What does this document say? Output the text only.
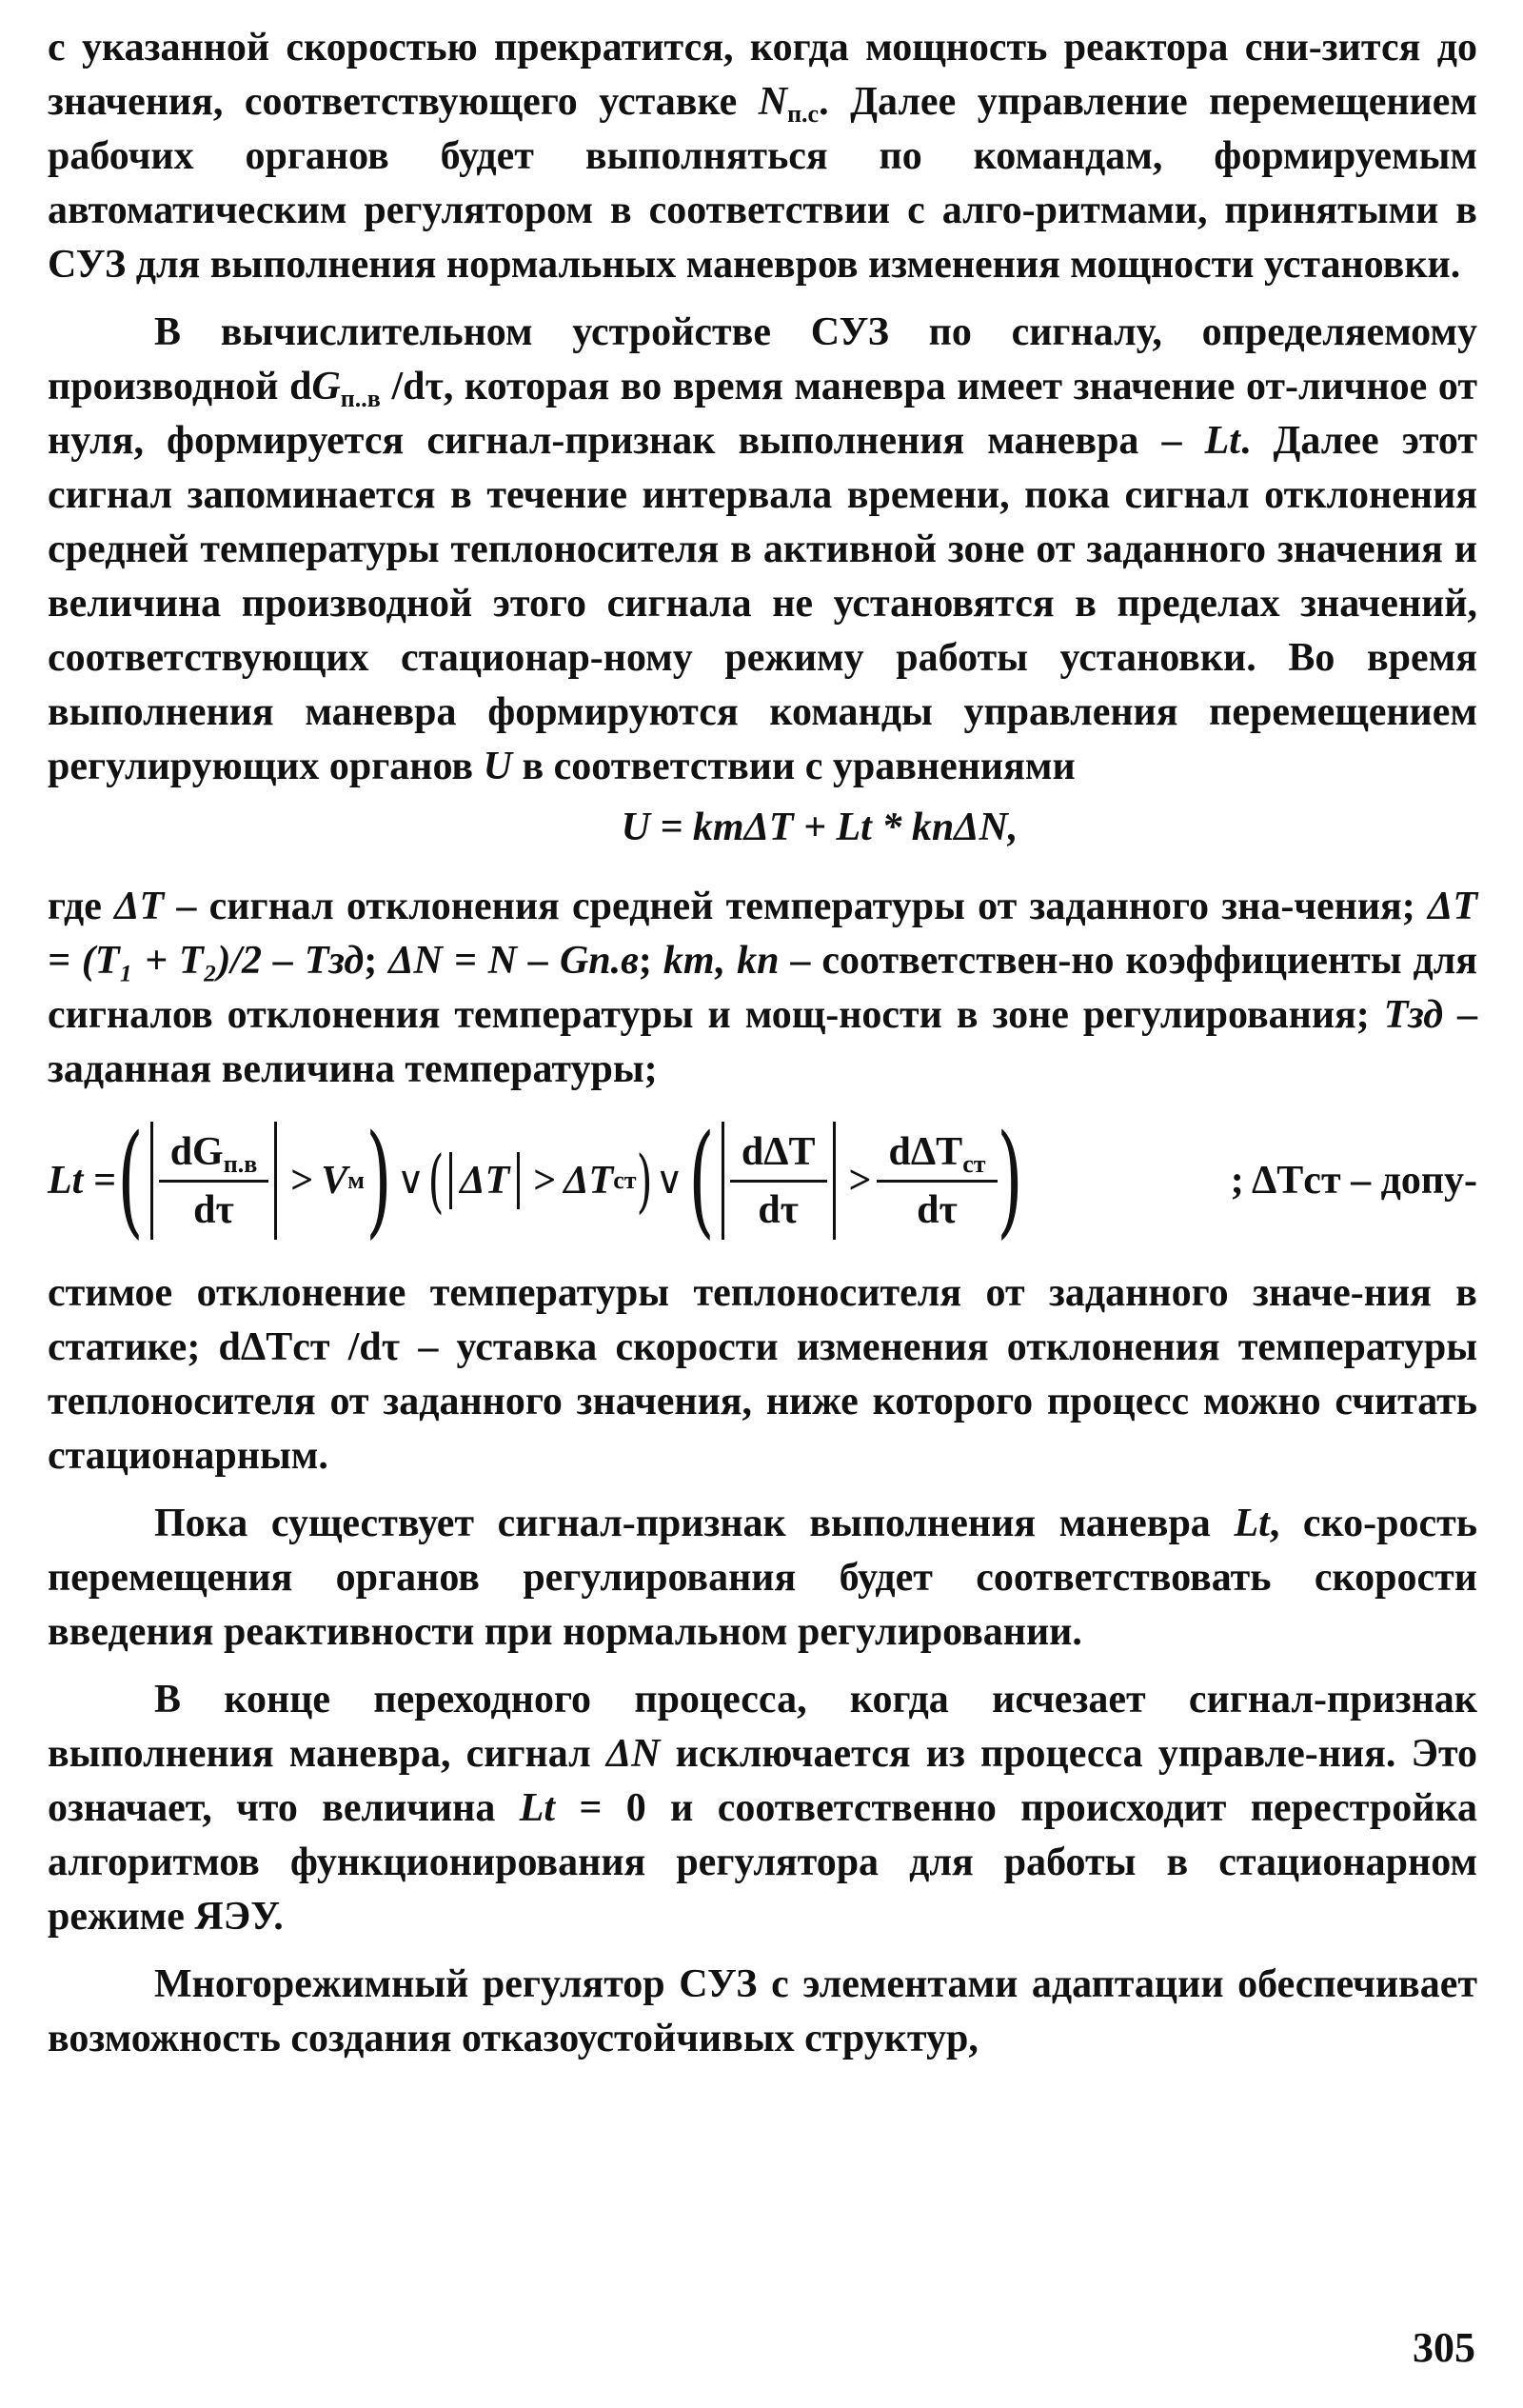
с указанной скоростью прекратится, когда мощность реактора сни-зится до значения, соответствующего уставке $N_{п.с}$. Далее управление перемещением рабочих органов будет выполняться по командам, формируемым автоматическим регулятором в соответствии с алго-ритмами, принятыми в СУЗ для выполнения нормальных маневров изменения мощности установки.

В вычислительном устройстве СУЗ по сигналу, определяемому производной $dG_{п..в}$ /dτ, которая во время маневра имеет значение от-личное от нуля, формируется сигнал-признак выполнения маневра – Lt. Далее этот сигнал запоминается в течение интервала времени, пока сигнал отклонения средней температуры теплоносителя в активной зоне от заданного значения и величина производной этого сигнала не установятся в пределах значений, соответствующих стационар-ному режиму работы установки. Во время выполнения маневра формируются команды управления перемещением регулирующих органов U в соответствии с уравнениями

U = kтΔT + Lt * kпΔN,

где ΔT – сигнал отклонения средней температуры от заданного зна-чения; ΔT = (T₁ + T₂)/2 – Tзд; ΔN = N – Gп.в; kт, kп – соответствен-но коэффициенты для сигналов отклонения температуры и мощ-ности в зоне регулирования; Tзд – заданная величина температуры;

Lt = ( $\frac{dG_{п.в}}{d\tau} > V$ м ) ∨ ( ΔT > ΔT ст ) ∨ ( $\frac{\text{dΔT}}{d\tau} > \frac{d\Delta T_{ст}}{d\tau}$ )	; ΔTст – допу-

стимое отклонение температуры теплоносителя от заданного значе-ния в статике; dΔTст /dτ – уставка скорости изменения отклонения температуры теплоносителя от заданного значения, ниже которого процесс можно считать стационарным.

Пока существует сигнал-признак выполнения маневра Lt, ско-рость перемещения органов регулирования будет соответствовать скорости введения реактивности при нормальном регулировании.

В конце переходного процесса, когда исчезает сигнал-признак выполнения маневра, сигнал ΔN исключается из процесса управле-ния. Это означает, что величина Lt = 0 и соответственно происходит перестройка алгоритмов функционирования регулятора для работы в стационарном режиме ЯЭУ.

Многорежимный регулятор СУЗ с элементами адаптации обеспечивает возможность создания отказоустойчивых структур,

305
